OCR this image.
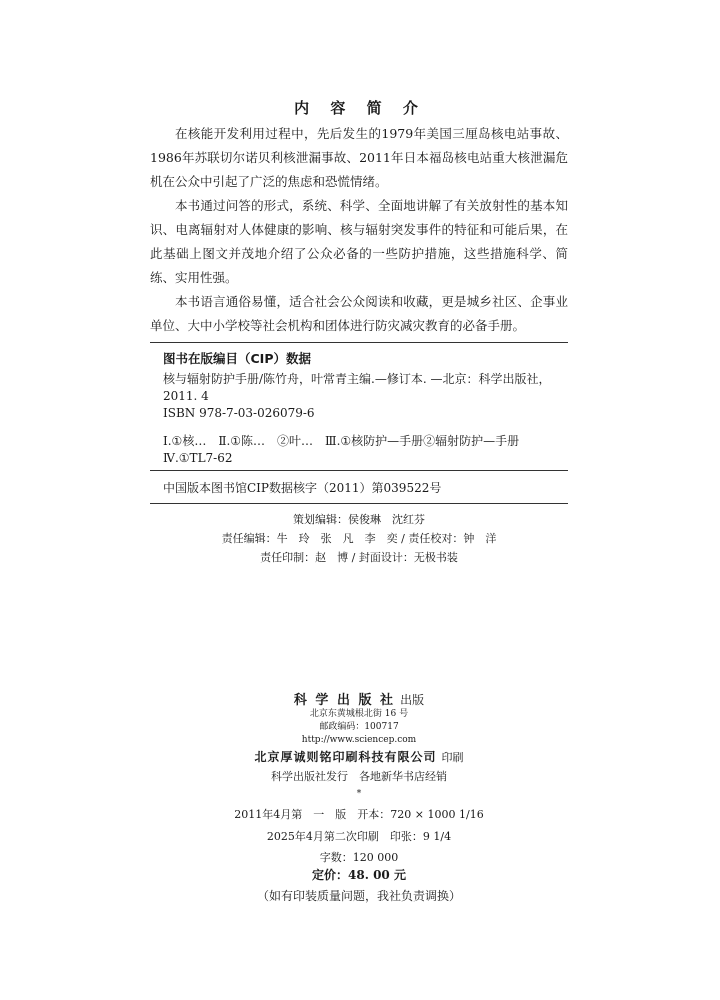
内 容 简 介

在核能开发利用过程中，先后发生的1979年美国三厘岛核电站事故、1986年苏联切尔诺贝利核泄漏事故、2011年日本福岛核电站重大核泄漏危机在公众中引起了广泛的焦虑和恐慌情绪。

本书通过问答的形式，系统、科学、全面地讲解了有关放射性的基本知识、电离辐射对人体健康的影响、核与辐射突发事件的特征和可能后果，在此基础上图文并茂地介绍了公众必备的一些防护措施，这些措施科学、简练、实用性强。

本书语言通俗易懂，适合社会公众阅读和收藏，更是城乡社区、企事业单位、大中小学校等社会机构和团体进行防灾减灾教育的必备手册。

图书在版编目（CIP）数据
核与辐射防护手册/陈竹舟，叶常青主编.—修订本. —北京：科学出版社，2011. 4
ISBN 978-7-03-026079-6
Ⅰ.①核…　Ⅱ.①陈…　②叶…　Ⅲ.①核防护—手册②辐射防护—手册　Ⅳ.①TL7-62
中国版本图书馆CIP数据核字（2011）第039522号
策划编辑：侯俊琳　沈红芬
责任编辑：牛　玲　张　凡　李　奕 / 责任校对：钟　洋
责任印制：赵　博 / 封面设计：无极书装
科 学 出 版 社 出版
北京东黄城根北街 16 号
邮政编码：100717
http://www.sciencep.com
北京厚诚则铭印刷科技有限公司 印刷
科学出版社发行　各地新华书店经销
*
2011年4月第　一　版　开本：720 × 1000 1/16
2025年4月第二次印刷　印张：9 1/4
字数：120 000
定价：48. 00 元
（如有印装质量问题，我社负责调换）
